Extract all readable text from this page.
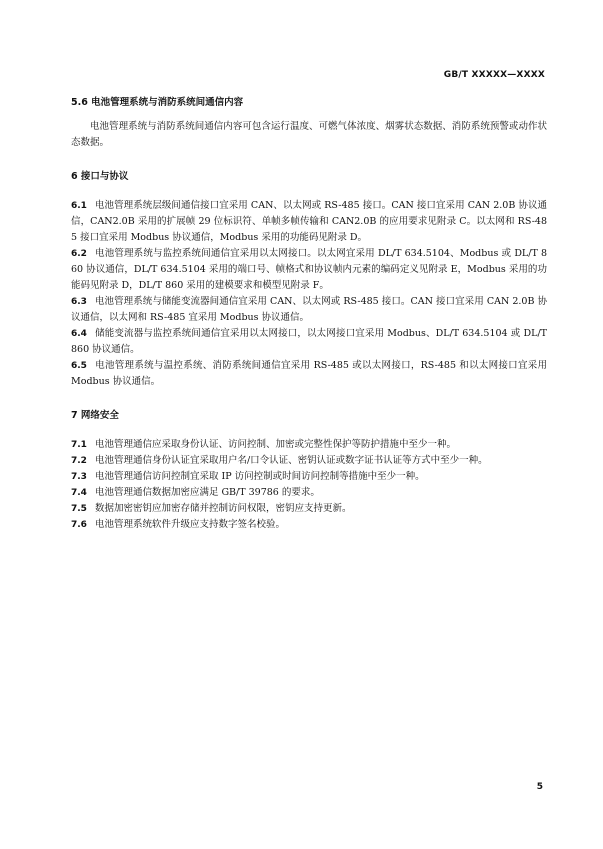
GB/T XXXXX—XXXX

5.6 电池管理系统与消防系统间通信内容

电池管理系统与消防系统间通信内容可包含运行温度、可燃气体浓度、烟雾状态数据、消防系统预警或动作状态数据。

6 接口与协议

6.1 电池管理系统层级间通信接口宜采用 CAN、以太网或 RS-485 接口。CAN 接口宜采用 CAN 2.0B 协议通信，CAN2.0B 采用的扩展帧 29 位标识符、单帧多帧传输和 CAN2.0B 的应用要求见附录 C。以太网和 RS-485 接口宜采用 Modbus 协议通信，Modbus 采用的功能码见附录 D。

6.2 电池管理系统与监控系统间通信宜采用以太网接口。以太网宜采用 DL/T 634.5104、Modbus 或 DL/T 860 协议通信，DL/T 634.5104 采用的端口号、帧格式和协议帧内元素的编码定义见附录 E，Modbus 采用的功能码见附录 D，DL/T 860 采用的建模要求和模型见附录 F。

6.3 电池管理系统与储能变流器间通信宜采用 CAN、以太网或 RS-485 接口。CAN 接口宜采用 CAN 2.0B 协议通信，以太网和 RS-485 宜采用 Modbus 协议通信。

6.4 储能变流器与监控系统间通信宜采用以太网接口，以太网接口宜采用 Modbus、DL/T 634.5104 或 DL/T 860 协议通信。

6.5 电池管理系统与温控系统、消防系统间通信宜采用 RS-485 或以太网接口，RS-485 和以太网接口宜采用 Modbus 协议通信。

7 网络安全

7.1 电池管理通信应采取身份认证、访问控制、加密或完整性保护等防护措施中至少一种。

7.2 电池管理通信身份认证宜采取用户名/口令认证、密钥认证或数字证书认证等方式中至少一种。

7.3 电池管理通信访问控制宜采取 IP 访问控制或时间访问控制等措施中至少一种。

7.4 电池管理通信数据加密应满足 GB/T 39786 的要求。

7.5 数据加密密钥应加密存储并控制访问权限，密钥应支持更新。

7.6 电池管理系统软件升级应支持数字签名校验。

5
